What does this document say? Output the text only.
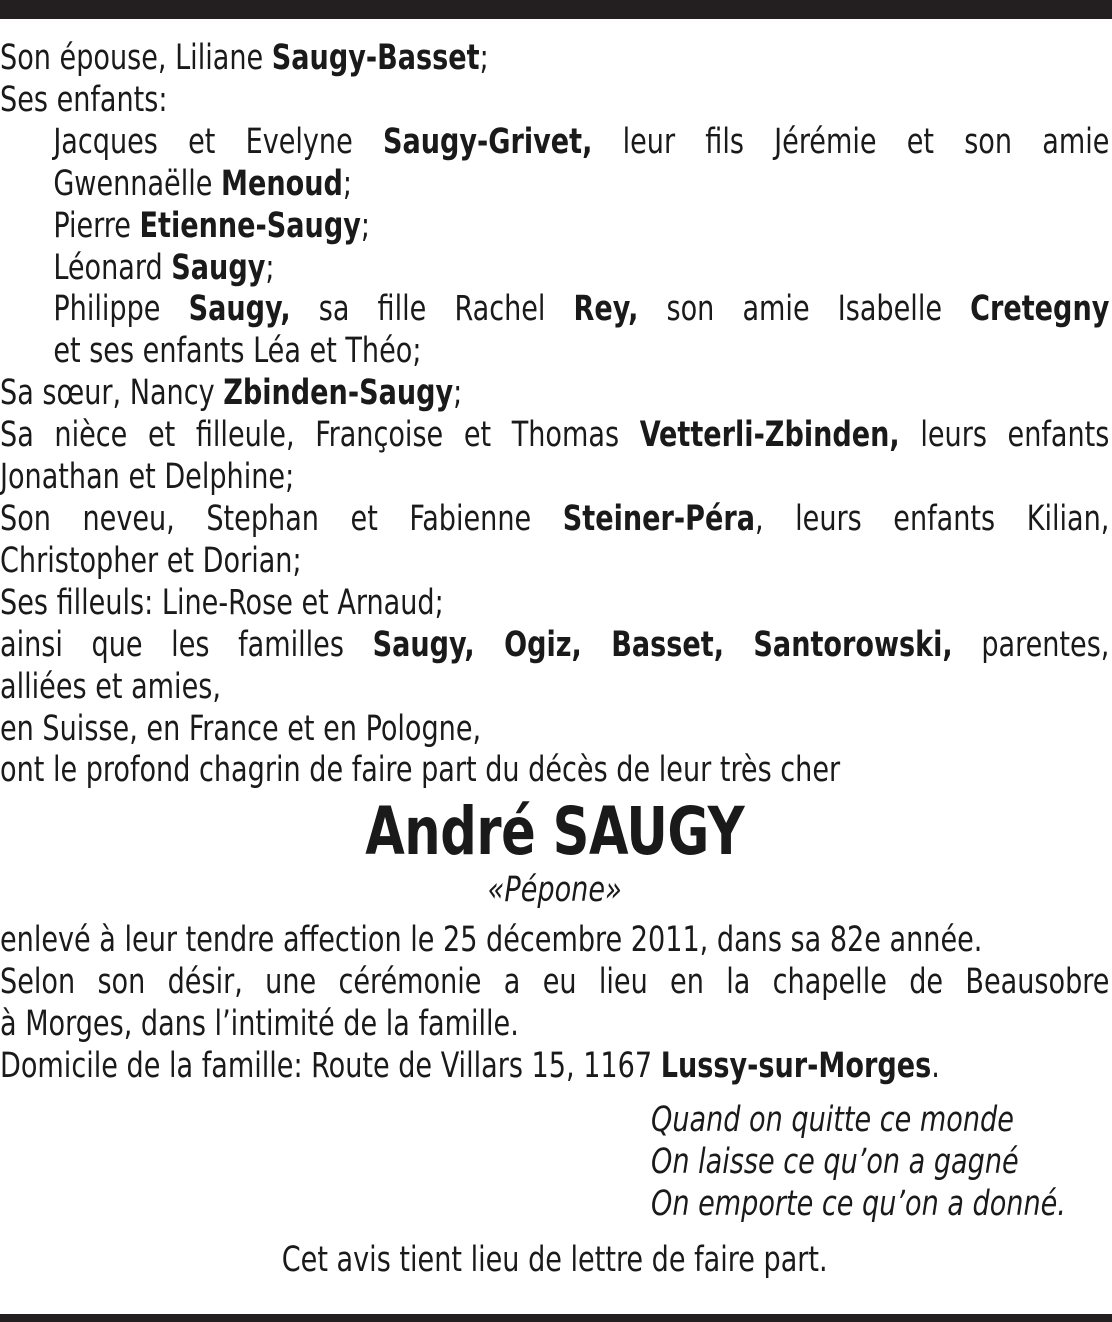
Son épouse, Liliane Saugy-Basset;
Ses enfants:
Jacques et Evelyne Saugy-Grivet, leur fils Jérémie et son amie
Gwennaëlle Menoud;
Pierre Etienne-Saugy;
Léonard Saugy;
Philippe Saugy, sa fille Rachel Rey, son amie Isabelle Cretegny
et ses enfants Léa et Théo;
Sa sœur, Nancy Zbinden-Saugy;
Sa nièce et filleule, Françoise et Thomas Vetterli-Zbinden, leurs enfants
Jonathan et Delphine;
Son neveu, Stephan et Fabienne Steiner-Péra, leurs enfants Kilian,
Christopher et Dorian;
Ses filleuls: Line-Rose et Arnaud;
ainsi que les familles Saugy, Ogiz, Basset, Santorowski, parentes,
alliées et amies,
en Suisse, en France et en Pologne,
ont le profond chagrin de faire part du décès de leur très cher
André SAUGY
«Pépone»
enlevé à leur tendre affection le 25 décembre 2011, dans sa 82e année.
Selon son désir, une cérémonie a eu lieu en la chapelle de Beausobre
à Morges, dans l’intimité de la famille.
Domicile de la famille: Route de Villars 15, 1167 Lussy-sur-Morges.
Quand on quitte ce monde
On laisse ce qu’on a gagné
On emporte ce qu’on a donné.
Cet avis tient lieu de lettre de faire part.
